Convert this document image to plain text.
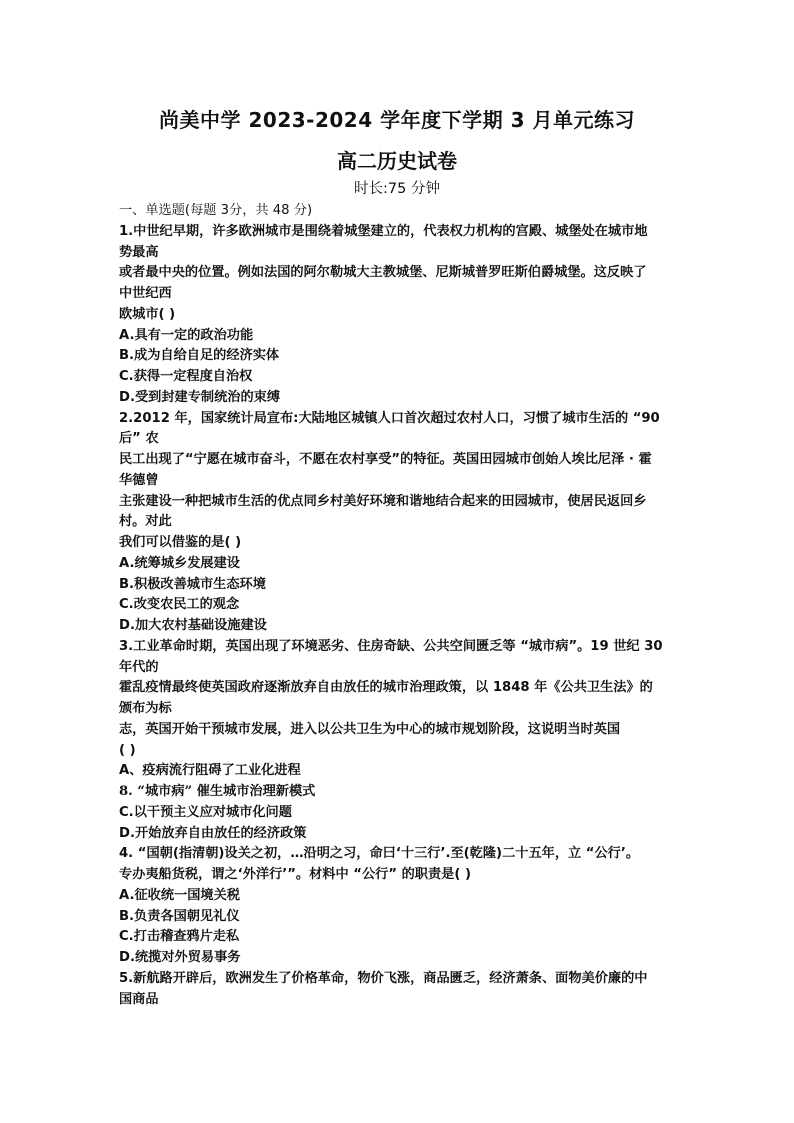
尚美中学 2023-2024 学年度下学期 3 月单元练习
高二历史试卷
时长:75 分钟
一、单选题(每题 3分，共 48 分)
1.中世纪早期，许多欧洲城市是围绕着城堡建立的，代表权力机构的宫殿、城堡处在城市地
势最高
或者最中央的位置。例如法国的阿尔勒城大主教城堡、尼斯城普罗旺斯伯爵城堡。这反映了
中世纪西
欧城市( )
A.具有一定的政治功能
B.成为自给自足的经济实体
C.获得一定程度自治权
D.受到封建专制统治的束缚
2.2012 年，国家统计局宣布:大陆地区城镇人口首次超过农村人口，习惯了城市生活的 “90
后” 农
民工出现了“宁愿在城市奋斗，不愿在农村享受”的特征。英国田园城市创始人埃比尼泽 · 霍
华德曾
主张建设一种把城市生活的优点同乡村美好环境和谐地结合起来的田园城市，使居民返回乡
村。对此
我们可以借鉴的是( )
A.统筹城乡发展建设
B.积极改善城市生态环境
C.改变农民工的观念
D.加大农村基础设施建设
3.工业革命时期，英国出现了环境恶劣、住房奇缺、公共空间匮乏等 “城市病”。19 世纪 30
年代的
霍乱疫情最终使英国政府逐渐放弃自由放任的城市治理政策，以 1848 年《公共卫生法》的
颁布为标
志，英国开始干预城市发展，进入以公共卫生为中心的城市规划阶段，这说明当时英国
( )
A、疫病流行阻碍了工业化进程
8. “城市病” 催生城市治理新模式
C.以干预主义应对城市化问题
D.开始放弃自由放任的经济政策
4. “国朝(指清朝)设关之初，…沿明之习，命曰‘十三行’.至(乾隆)二十五年，立 “公行’。
专办夷船货税，谓之‘外洋行’”。材料中 “公行” 的职责是( )
A.征收统一国境关税
B.负责各国朝见礼仪
C.打击稽查鸦片走私
D.统揽对外贸易事务
5.新航路开辟后，欧洲发生了价格革命，物价飞涨，商品匮乏，经济萧条、面物美价廉的中
国商品
